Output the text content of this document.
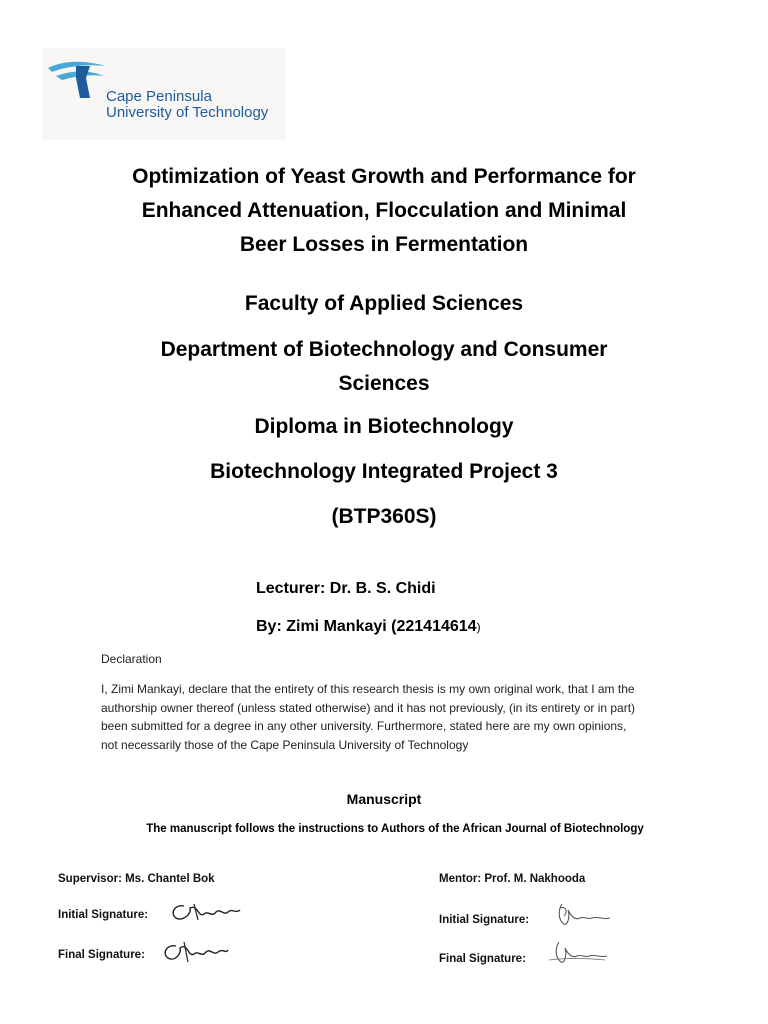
Cape Peninsula
University of Technology
Optimization of Yeast Growth and Performance for
Enhanced Attenuation, Flocculation and Minimal
Beer Losses in Fermentation
Faculty of Applied Sciences
Department of Biotechnology and Consumer
Sciences
Diploma in Biotechnology
Biotechnology Integrated Project 3
(BTP360S)
Lecturer: Dr. B. S. Chidi
By: Zimi Mankayi (221414614)
Declaration
I, Zimi Mankayi, declare that the entirety of this research thesis is my own original work, that I am the authorship owner thereof (unless stated otherwise) and it has not previously, (in its entirety or in part) been submitted for a degree in any other university. Furthermore, stated here are my own opinions, not necessarily those of the Cape Peninsula University of Technology
Manuscript
The manuscript follows the instructions to Authors of the African Journal of Biotechnology
Supervisor: Ms. Chantel Bok
Initial Signature:
Final Signature:
Mentor: Prof. M. Nakhooda
Initial Signature:
Final Signature:
